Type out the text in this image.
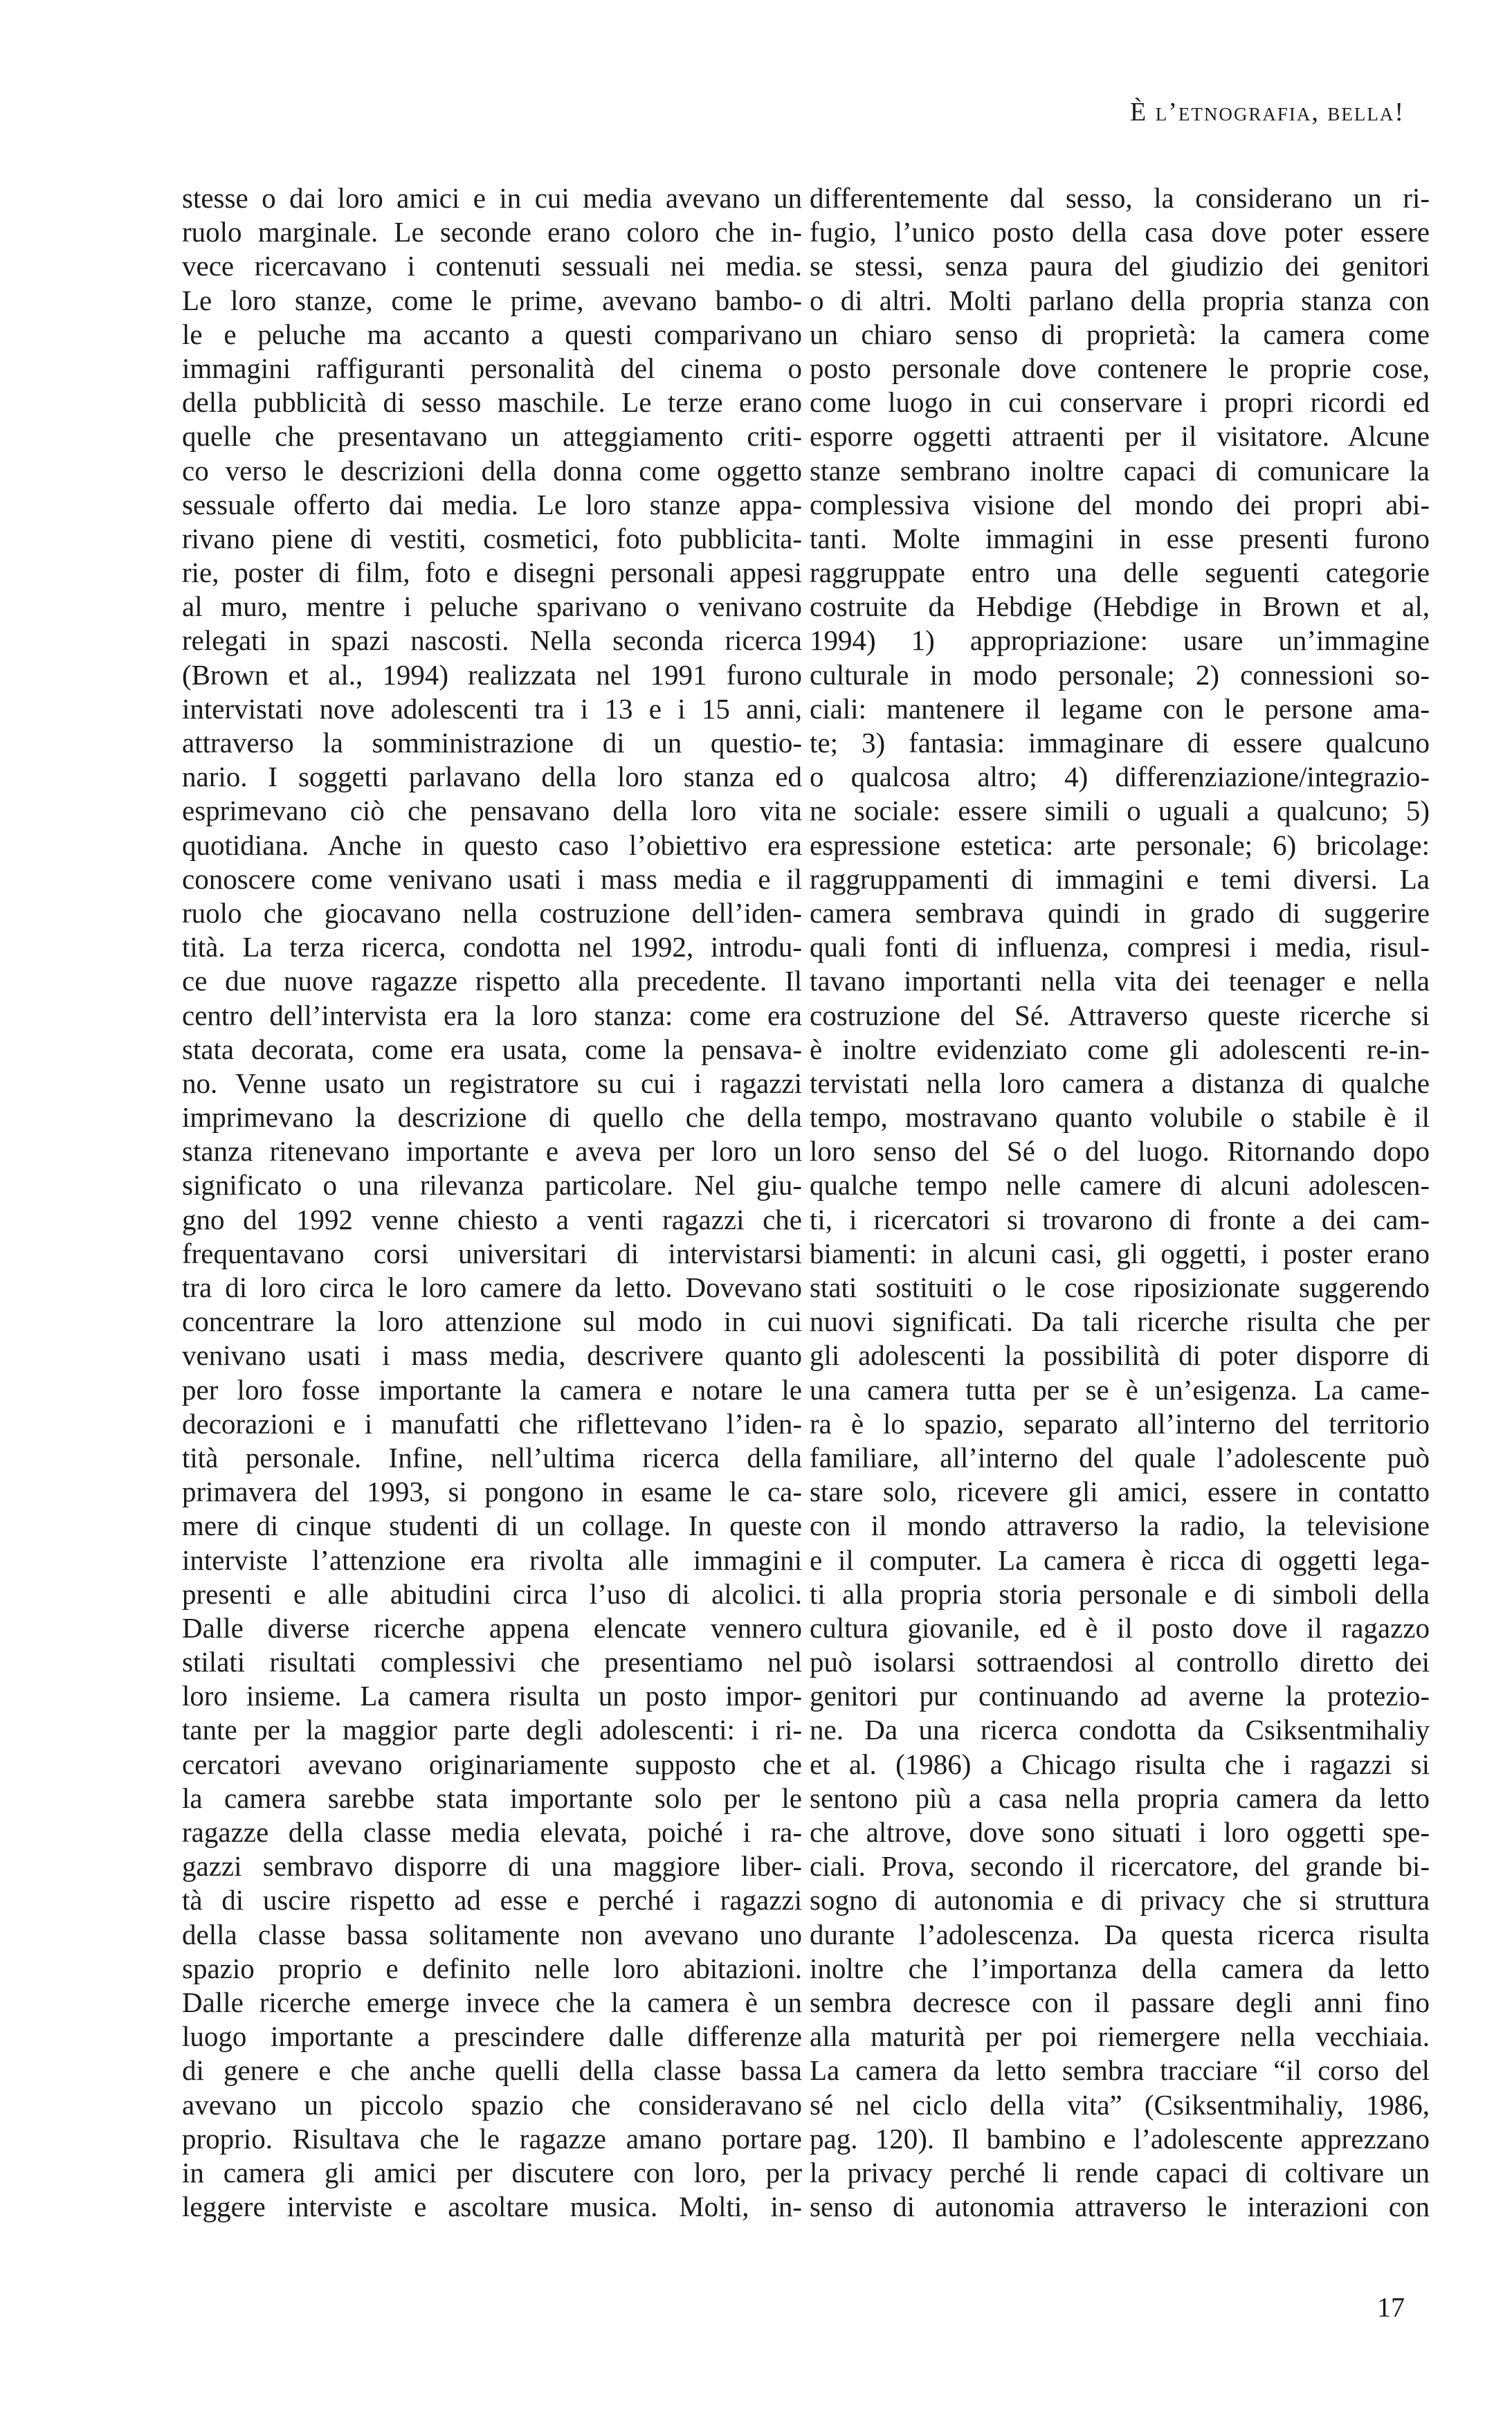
È l’etnografia, bella!
stesse o dai loro amici e in cui media avevano un
ruolo marginale. Le seconde erano coloro che in-
vece ricercavano i contenuti sessuali nei media.
Le loro stanze, come le prime, avevano bambo-
le e peluche ma accanto a questi comparivano
immagini raffiguranti personalità del cinema o
della pubblicità di sesso maschile. Le terze erano
quelle che presentavano un atteggiamento criti-
co verso le descrizioni della donna come oggetto
sessuale offerto dai media. Le loro stanze appa-
rivano piene di vestiti, cosmetici, foto pubblicita-
rie, poster di film, foto e disegni personali appesi
al muro, mentre i peluche sparivano o venivano
relegati in spazi nascosti. Nella seconda ricerca
(Brown et al., 1994) realizzata nel 1991 furono
intervistati nove adolescenti tra i 13 e i 15 anni,
attraverso la somministrazione di un questio-
nario. I soggetti parlavano della loro stanza ed
esprimevano ciò che pensavano della loro vita
quotidiana. Anche in questo caso l’obiettivo era
conoscere come venivano usati i mass media e il
ruolo che giocavano nella costruzione dell’iden-
tità. La terza ricerca, condotta nel 1992, introdu-
ce due nuove ragazze rispetto alla precedente. Il
centro dell’intervista era la loro stanza: come era
stata decorata, come era usata, come la pensava-
no. Venne usato un registratore su cui i ragazzi
imprimevano la descrizione di quello che della
stanza ritenevano importante e aveva per loro un
significato o una rilevanza particolare. Nel giu-
gno del 1992 venne chiesto a venti ragazzi che
frequentavano corsi universitari di intervistarsi
tra di loro circa le loro camere da letto. Dovevano
concentrare la loro attenzione sul modo in cui
venivano usati i mass media, descrivere quanto
per loro fosse importante la camera e notare le
decorazioni e i manufatti che riflettevano l’iden-
tità personale. Infine, nell’ultima ricerca della
primavera del 1993, si pongono in esame le ca-
mere di cinque studenti di un collage. In queste
interviste l’attenzione era rivolta alle immagini
presenti e alle abitudini circa l’uso di alcolici.
Dalle diverse ricerche appena elencate vennero
stilati risultati complessivi che presentiamo nel
loro insieme. La camera risulta un posto impor-
tante per la maggior parte degli adolescenti: i ri-
cercatori avevano originariamente supposto che
la camera sarebbe stata importante solo per le
ragazze della classe media elevata, poiché i ra-
gazzi sembravo disporre di una maggiore liber-
tà di uscire rispetto ad esse e perché i ragazzi
della classe bassa solitamente non avevano uno
spazio proprio e definito nelle loro abitazioni.
Dalle ricerche emerge invece che la camera è un
luogo importante a prescindere dalle differenze
di genere e che anche quelli della classe bassa
avevano un piccolo spazio che consideravano
proprio. Risultava che le ragazze amano portare
in camera gli amici per discutere con loro, per
leggere interviste e ascoltare musica. Molti, in-
differentemente dal sesso, la considerano un ri-
fugio, l’unico posto della casa dove poter essere
se stessi, senza paura del giudizio dei genitori
o di altri. Molti parlano della propria stanza con
un chiaro senso di proprietà: la camera come
posto personale dove contenere le proprie cose,
come luogo in cui conservare i propri ricordi ed
esporre oggetti attraenti per il visitatore. Alcune
stanze sembrano inoltre capaci di comunicare la
complessiva visione del mondo dei propri abi-
tanti. Molte immagini in esse presenti furono
raggruppate entro una delle seguenti categorie
costruite da Hebdige (Hebdige in Brown et al,
1994) 1) appropriazione: usare un’immagine
culturale in modo personale; 2) connessioni so-
ciali: mantenere il legame con le persone ama-
te; 3) fantasia: immaginare di essere qualcuno
o qualcosa altro; 4) differenziazione/integrazio-
ne sociale: essere simili o uguali a qualcuno; 5)
espressione estetica: arte personale; 6) bricolage:
raggruppamenti di immagini e temi diversi. La
camera sembrava quindi in grado di suggerire
quali fonti di influenza, compresi i media, risul-
tavano importanti nella vita dei teenager e nella
costruzione del Sé. Attraverso queste ricerche si
è inoltre evidenziato come gli adolescenti re-in-
tervistati nella loro camera a distanza di qualche
tempo, mostravano quanto volubile o stabile è il
loro senso del Sé o del luogo. Ritornando dopo
qualche tempo nelle camere di alcuni adolescen-
ti, i ricercatori si trovarono di fronte a dei cam-
biamenti: in alcuni casi, gli oggetti, i poster erano
stati sostituiti o le cose riposizionate suggerendo
nuovi significati. Da tali ricerche risulta che per
gli adolescenti la possibilità di poter disporre di
una camera tutta per se è un’esigenza. La came-
ra è lo spazio, separato all’interno del territorio
familiare, all’interno del quale l’adolescente può
stare solo, ricevere gli amici, essere in contatto
con il mondo attraverso la radio, la televisione
e il computer. La camera è ricca di oggetti lega-
ti alla propria storia personale e di simboli della
cultura giovanile, ed è il posto dove il ragazzo
può isolarsi sottraendosi al controllo diretto dei
genitori pur continuando ad averne la protezio-
ne. Da una ricerca condotta da Csiksentmihaliy
et al. (1986) a Chicago risulta che i ragazzi si
sentono più a casa nella propria camera da letto
che altrove, dove sono situati i loro oggetti spe-
ciali. Prova, secondo il ricercatore, del grande bi-
sogno di autonomia e di privacy che si struttura
durante l’adolescenza. Da questa ricerca risulta
inoltre che l’importanza della camera da letto
sembra decresce con il passare degli anni fino
alla maturità per poi riemergere nella vecchiaia.
La camera da letto sembra tracciare “il corso del
sé nel ciclo della vita” (Csiksentmihaliy, 1986,
pag. 120). Il bambino e l’adolescente apprezzano
la privacy perché li rende capaci di coltivare un
senso di autonomia attraverso le interazioni con
17
